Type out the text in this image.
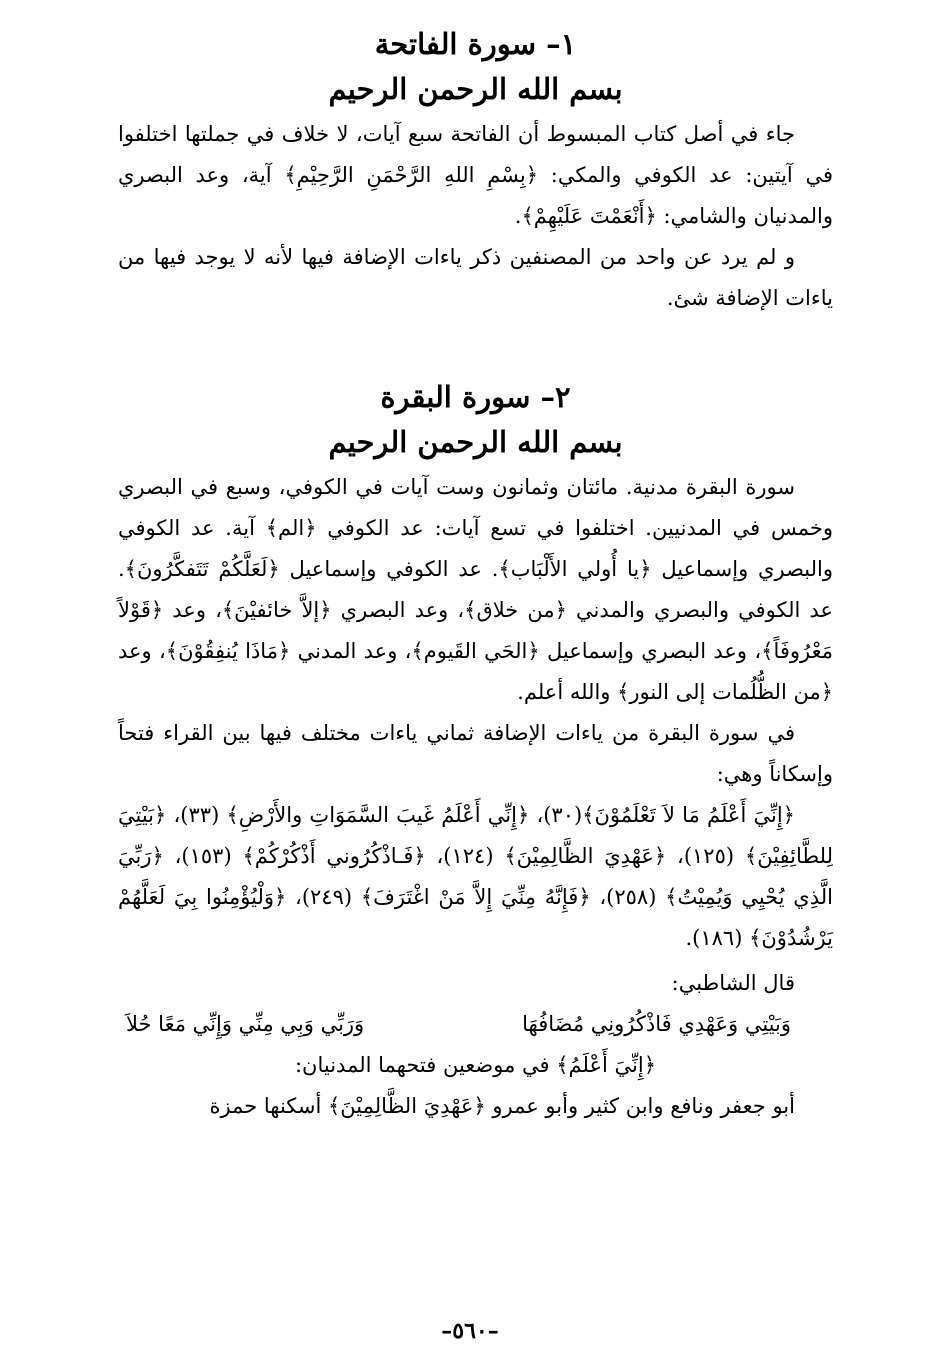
١– سورة الفاتحة
بسم الله الرحمن الرحيم

جاء في أصل كتاب المبسوط أن الفاتحة سبع آيات، لا خلاف في جملتها اختلفوا في آيتين: عد الكوفي والمكي: ﴿بِسْمِ اللهِ الرَّحْمَنِ الرَّحِيْمِ﴾ آية، وعد البصري والمدنيان والشامي: ﴿أَنْعَمْتَ عَلَيْهِمْ﴾.

و لم يرد عن واحد من المصنفين ذكر ياءات الإضافة فيها لأنه لا يوجد فيها من ياءات الإضافة شئ.

٢– سورة البقرة
بسم الله الرحمن الرحيم

سورة البقرة مدنية. مائتان وثمانون وست آيات في الكوفي، وسبع في البصري وخمس في المدنيين. اختلفوا في تسع آيات: عد الكوفي ﴿الم﴾ آية. عد الكوفي والبصري وإسماعيل ﴿يا أُولي الأَلْبَاب﴾. عد الكوفي وإسماعيل ﴿لَعَلَّكُمْ تَتَفكَّرُونَ﴾. عد الكوفي والبصري والمدني ﴿من خلاق﴾، وعد البصري ﴿إلاَّ خائفيْنَ﴾، وعد ﴿قَوْلاً مَعْرُوفَاً﴾، وعد البصري وإسماعيل ﴿الحَي القَيوم﴾، وعد المدني ﴿مَاذَا يُنفِقُوْنَ﴾، وعد ﴿من الظُّلُمات إلى النور﴾ والله أعلم.

في سورة البقرة من ياءات الإضافة ثماني ياءات مختلف فيها بين القراء فتحاً وإسكاناً وهي:

﴿إِنِّيَ أَعْلَمُ مَا لاَ تَعْلَمُوْنَ﴾(٣٠)، ﴿إِنِّي أَعْلَمُ غَيبَ السَّمَوَاتِ والأَرْضِ﴾ (٣٣)، ﴿بَيْتِيَ لِلطَّائِفِيْنَ﴾ (١٢٥)، ﴿عَهْدِيَ الظَّالِمِيْنَ﴾ (١٢٤)، ﴿فَـاذْكُرُوني أَذْكُرْكُمْ﴾ (١٥٣)، ﴿رَبِّيَ الَّذِي يُحْيِي وَيُمِيْتُ﴾ (٢٥٨)، ﴿فَإِنَّهُ مِنِّيَ إِلاَّ مَنْ اغْتَرَفَ﴾ (٢٤٩)، ﴿وَلْيُؤْمِنُوا بِيَ لَعَلَّهُمْ يَرْشُدُوْنَ﴾ (١٨٦).

قال الشاطبي:

وَبَيْتِي وَعَهْدِي فَاذْكُرُونِي مُضَافُهَا
وَرَبِّي وَبِي مِنِّي وَإِنِّي مَعًا حُلاَ

﴿إِنِّيَ أَعْلَمُ﴾ في موضعين فتحهما المدنيان:

أبو جعفر ونافع وابن كثير وأبو عمرو ﴿عَهْدِيَ الظَّالِمِيْنَ﴾ أسكنها حمزة

–٥٦٠–
